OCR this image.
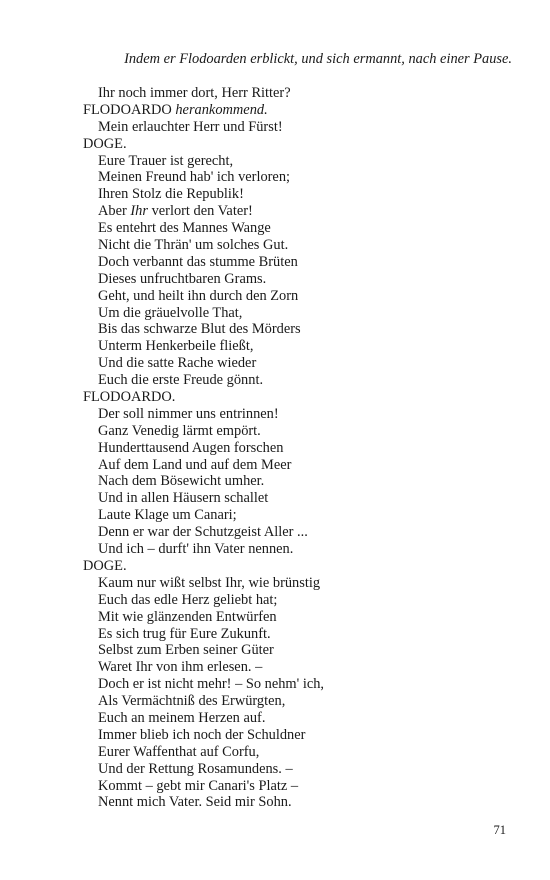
Indem er Flodoarden erblickt, und sich ermannt, nach einer Pause.
Ihr noch immer dort, Herr Ritter?
FLODOARDO herankommend.
Mein erlauchter Herr und Fürst!
DOGE.
Eure Trauer ist gerecht,
Meinen Freund hab' ich verloren;
Ihren Stolz die Republik!
Aber Ihr verlort den Vater!
Es entehrt des Mannes Wange
Nicht die Thrän' um solches Gut.
Doch verbannt das stumme Brüten
Dieses unfruchtbaren Grams.
Geht, und heilt ihn durch den Zorn
Um die gräuelvolle That,
Bis das schwarze Blut des Mörders
Unterm Henkerbeile fließt,
Und die satte Rache wieder
Euch die erste Freude gönnt.
FLODOARDO.
Der soll nimmer uns entrinnen!
Ganz Venedig lärmt empört.
Hunderttausend Augen forschen
Auf dem Land und auf dem Meer
Nach dem Bösewicht umher.
Und in allen Häusern schallet
Laute Klage um Canari;
Denn er war der Schutzgeist Aller ...
Und ich – durft' ihn Vater nennen.
DOGE.
Kaum nur wißt selbst Ihr, wie brünstig
Euch das edle Herz geliebt hat;
Mit wie glänzenden Entwürfen
Es sich trug für Eure Zukunft.
Selbst zum Erben seiner Güter
Waret Ihr von ihm erlesen. –
Doch er ist nicht mehr! – So nehm' ich,
Als Vermächtniß des Erwürgten,
Euch an meinem Herzen auf.
Immer blieb ich noch der Schuldner
Eurer Waffenthat auf Corfu,
Und der Rettung Rosamundens. –
Kommt – gebt mir Canari's Platz –
Nennt mich Vater. Seid mir Sohn.
71
